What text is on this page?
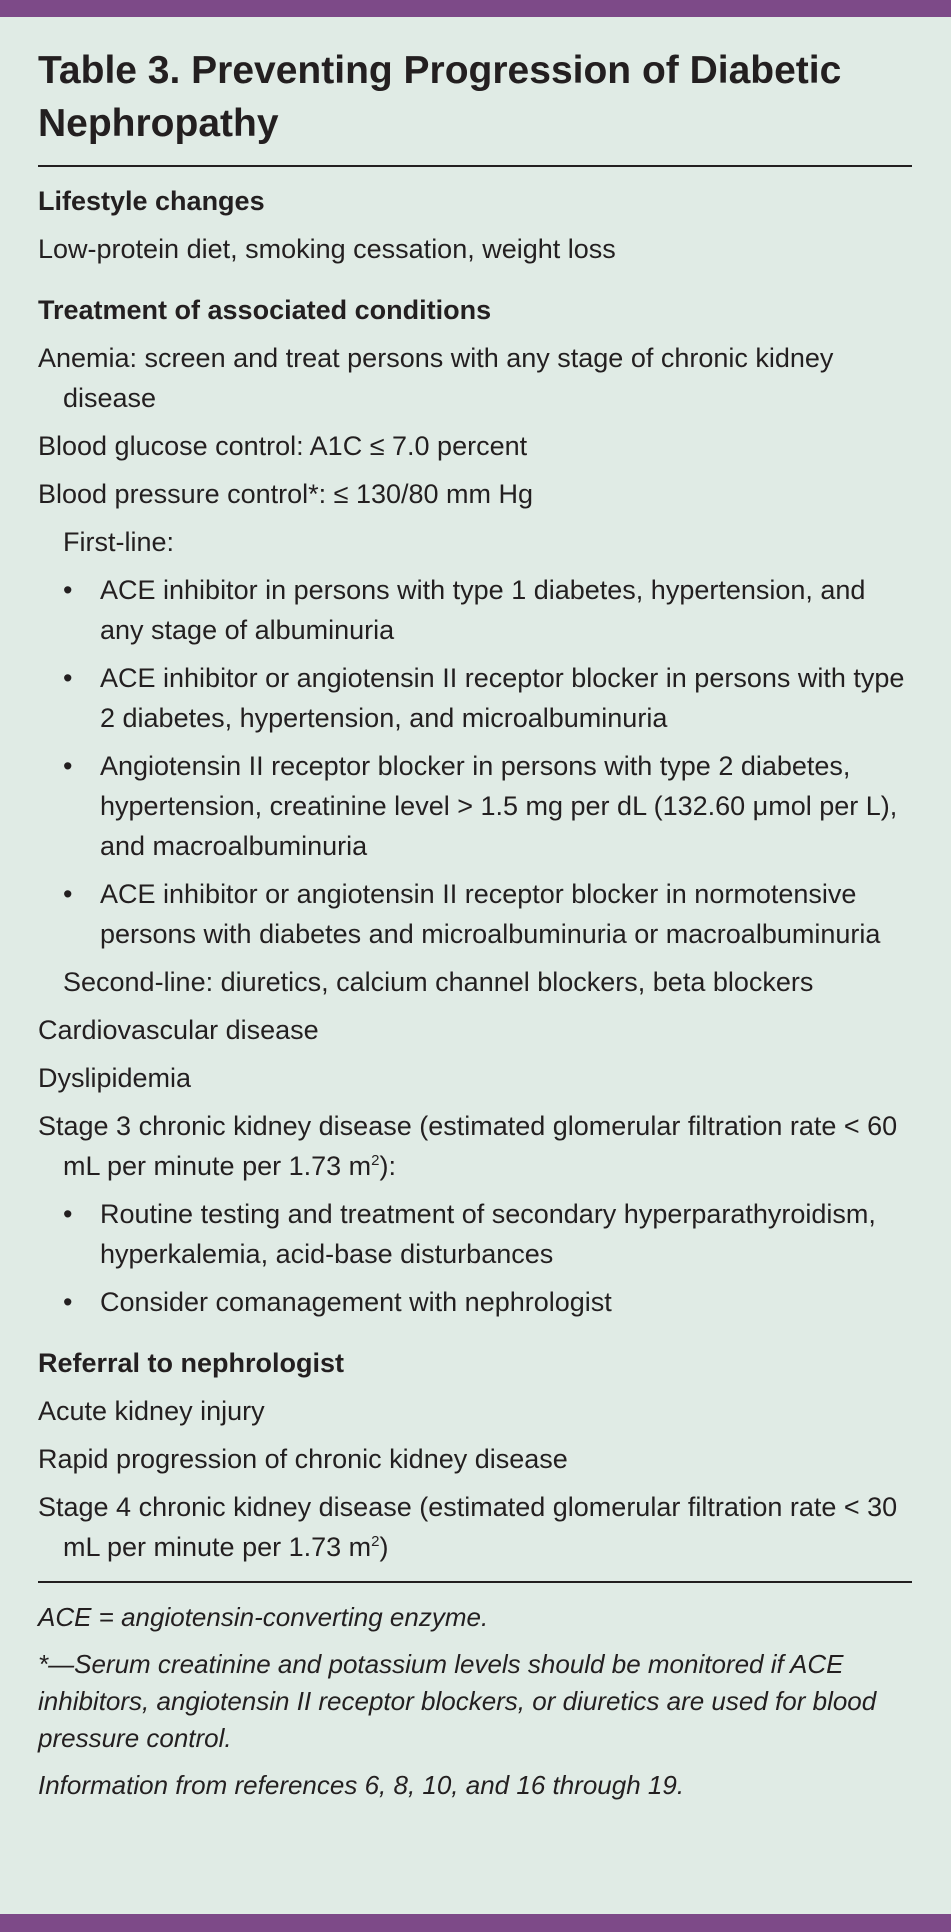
Table 3. Preventing Progression of Diabetic Nephropathy
Lifestyle changes
Low-protein diet, smoking cessation, weight loss
Treatment of associated conditions
Anemia: screen and treat persons with any stage of chronic kidney disease
Blood glucose control: A1C ≤ 7.0 percent
Blood pressure control*: ≤ 130/80 mm Hg
First-line:
• ACE inhibitor in persons with type 1 diabetes, hypertension, and any stage of albuminuria
• ACE inhibitor or angiotensin II receptor blocker in persons with type 2 diabetes, hypertension, and microalbuminuria
• Angiotensin II receptor blocker in persons with type 2 diabetes, hypertension, creatinine level > 1.5 mg per dL (132.60 μmol per L), and macroalbuminuria
• ACE inhibitor or angiotensin II receptor blocker in normotensive persons with diabetes and microalbuminuria or macroalbuminuria
Second-line: diuretics, calcium channel blockers, beta blockers
Cardiovascular disease
Dyslipidemia
Stage 3 chronic kidney disease (estimated glomerular filtration rate < 60 mL per minute per 1.73 $m^2$):
• Routine testing and treatment of secondary hyperparathyroidism, hyperkalemia, acid-base disturbances
• Consider comanagement with nephrologist
Referral to nephrologist
Acute kidney injury
Rapid progression of chronic kidney disease
Stage 4 chronic kidney disease (estimated glomerular filtration rate < 30 mL per minute per 1.73 $m^2$)
ACE = angiotensin-converting enzyme.
*—Serum creatinine and potassium levels should be monitored if ACE inhibitors, angiotensin II receptor blockers, or diuretics are used for blood pressure control.
Information from references 6, 8, 10, and 16 through 19.
